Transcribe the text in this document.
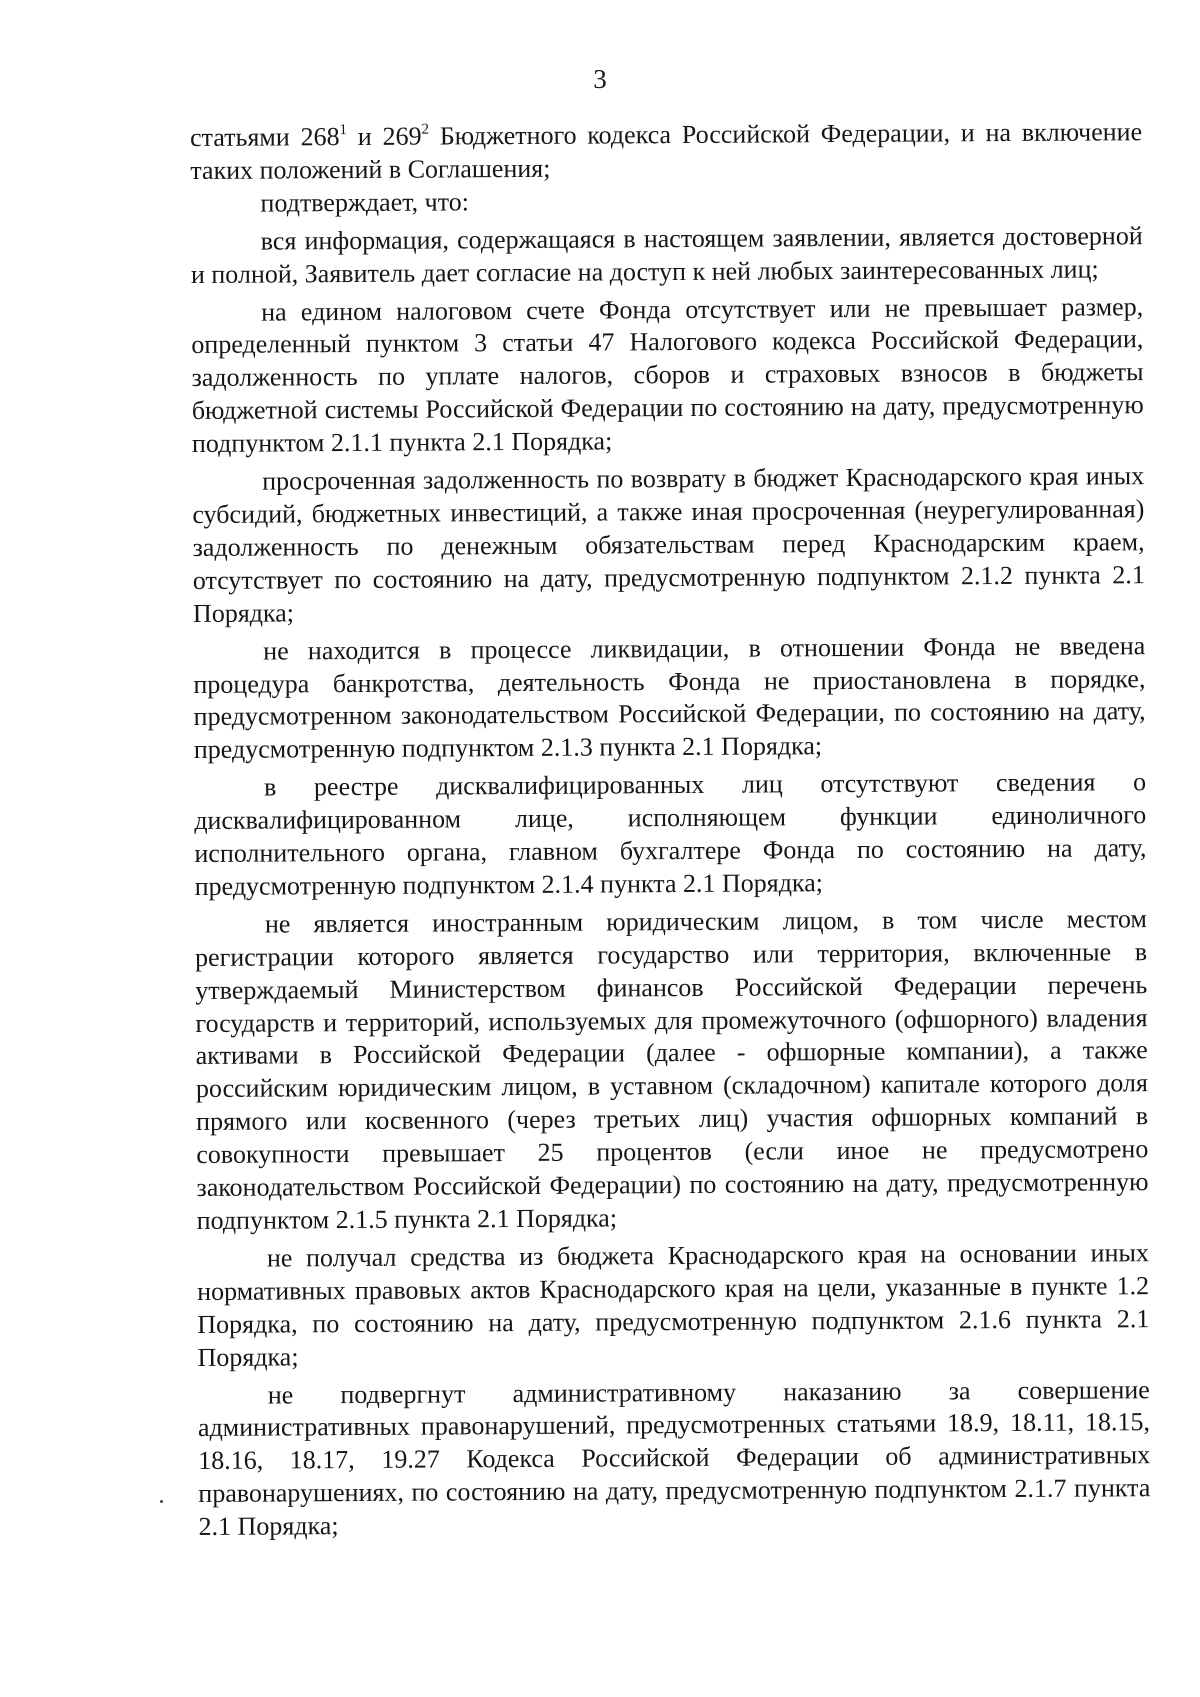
3

статьями $268^1$ и $269^2$ Бюджетного кодекса Российской Федерации, и на включение таких положений в Соглашения;

подтверждает, что:

вся информация, содержащаяся в настоящем заявлении, является достоверной и полной, Заявитель дает согласие на доступ к ней любых заинтересованных лиц;

на едином налоговом счете Фонда отсутствует или не превышает размер, определенный пунктом 3 статьи 47 Налогового кодекса Российской Федерации, задолженность по уплате налогов, сборов и страховых взносов в бюджеты бюджетной системы Российской Федерации по состоянию на дату, предусмотренную подпунктом 2.1.1 пункта 2.1 Порядка;

просроченная задолженность по возврату в бюджет Краснодарского края иных субсидий, бюджетных инвестиций, а также иная просроченная (неурегулированная) задолженность по денежным обязательствам перед Краснодарским краем, отсутствует по состоянию на дату, предусмотренную подпунктом 2.1.2 пункта 2.1 Порядка;

не находится в процессе ликвидации, в отношении Фонда не введена процедура банкротства, деятельность Фонда не приостановлена в порядке, предусмотренном законодательством Российской Федерации, по состоянию на дату, предусмотренную подпунктом 2.1.3 пункта 2.1 Порядка;

в реестре дисквалифицированных лиц отсутствуют сведения о дисквалифицированном лице, исполняющем функции единоличного исполнительного органа, главном бухгалтере Фонда по состоянию на дату, предусмотренную подпунктом 2.1.4 пункта 2.1 Порядка;

не является иностранным юридическим лицом, в том числе местом регистрации которого является государство или территория, включенные в утверждаемый Министерством финансов Российской Федерации перечень государств и территорий, используемых для промежуточного (офшорного) владения активами в Российской Федерации (далее - офшорные компании), а также российским юридическим лицом, в уставном (складочном) капитале которого доля прямого или косвенного (через третьих лиц) участия офшорных компаний в совокупности превышает 25 процентов (если иное не предусмотрено законодательством Российской Федерации) по состоянию на дату, предусмотренную подпунктом 2.1.5 пункта 2.1 Порядка;

не получал средства из бюджета Краснодарского края на основании иных нормативных правовых актов Краснодарского края на цели, указанные в пункте 1.2 Порядка, по состоянию на дату, предусмотренную подпунктом 2.1.6 пункта 2.1 Порядка;

не подвергнут административному наказанию за совершение административных правонарушений, предусмотренных статьями 18.9, 18.11, 18.15, 18.16, 18.17, 19.27 Кодекса Российской Федерации об административных правонарушениях, по состоянию на дату, предусмотренную подпунктом 2.1.7 пункта 2.1 Порядка;
